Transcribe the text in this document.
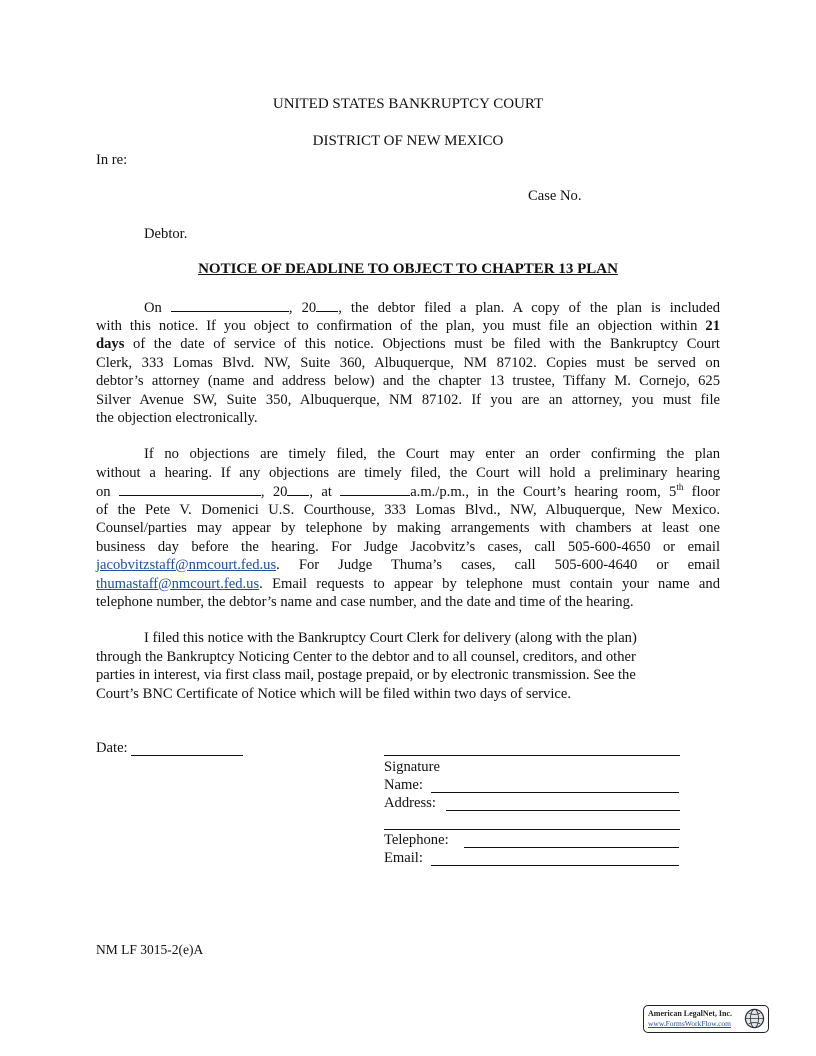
UNITED STATES BANKRUPTCY COURT
DISTRICT OF NEW MEXICO
In re:
Case No.
Debtor.
NOTICE OF DEADLINE TO OBJECT TO CHAPTER 13 PLAN
On	, 20 , the debtor filed a plan. A copy of the plan is included
with this notice. If you object to confirmation of the plan, you must file an objection within 21
days of the date of service of this notice. Objections must be filed with the Bankruptcy Court
Clerk, 333 Lomas Blvd. NW, Suite 360, Albuquerque, NM 87102. Copies must be served on
debtor’s attorney (name and address below) and the chapter 13 trustee, Tiffany M. Cornejo, 625
Silver Avenue SW, Suite 350, Albuquerque, NM 87102. If you are an attorney, you must file
the objection electronically.
If no objections are timely filed, the Court may enter an order confirming the plan
without a hearing. If any objections are timely filed, the Court will hold a preliminary hearing
on	, 20 , at	a.m./p.m., in the Court’s hearing room, 5th floor
of the Pete V. Domenici U.S. Courthouse, 333 Lomas Blvd., NW, Albuquerque, New Mexico.
Counsel/parties may appear by telephone by making arrangements with chambers at least one
business day before the hearing. For Judge Jacobvitz’s cases, call 505-600-4650 or email
jacobvitzstaff@nmcourt.fed.us. For Judge Thuma’s cases, call 505-600-4640 or email
thumastaff@nmcourt.fed.us. Email requests to appear by telephone must contain your name and
telephone number, the debtor’s name and case number, and the date and time of the hearing.
I filed this notice with the Bankruptcy Court Clerk for delivery (along with the plan)
through the Bankruptcy Noticing Center to the debtor and to all counsel, creditors, and other
parties in interest, via first class mail, postage prepaid, or by electronic transmission. See the
Court’s BNC Certificate of Notice which will be filed within two days of service.
Date:
Signature
Name:
Address:
Telephone:
Email:
NM LF 3015-2(e)A
American LegalNet, Inc.
www.FormsWorkFlow.com
